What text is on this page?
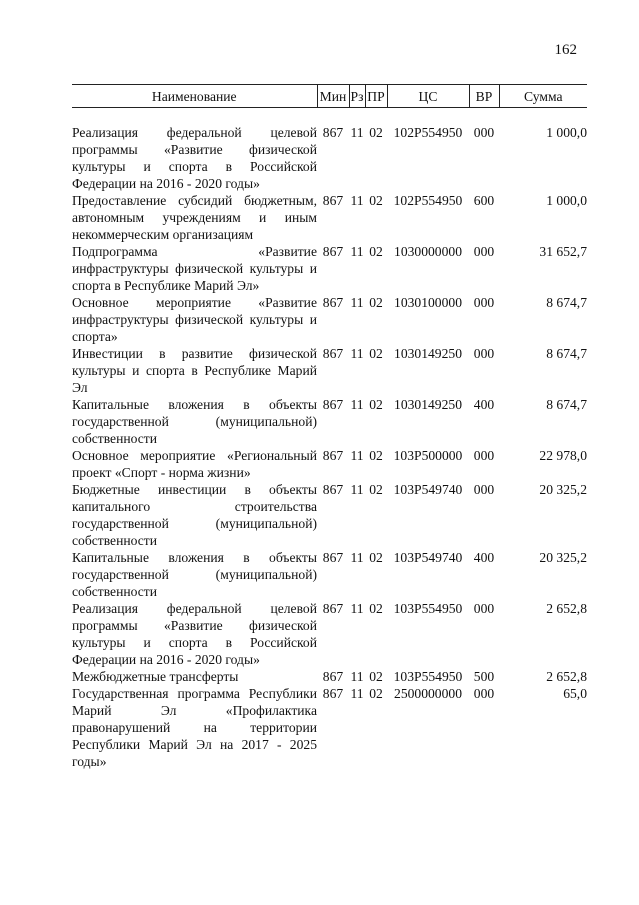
162
Наименование	Мин	Рз	ПР	ЦС	ВР	Сумма

Реализация федеральной целевой программы «Развитие физической культуры и спорта в Российской Федерации на 2016 - 2020 годы»	867	11	02	102P554950	000	1 000,0
Предоставление субсидий бюджетным, автономным учреждениям и иным некоммерческим организациям	867	11	02	102P554950	600	1 000,0
Подпрограмма «Развитие инфраструктуры физической культуры и спорта в Республике Марий Эл»	867	11	02	1030000000	000	31 652,7
Основное мероприятие «Развитие инфраструктуры физической культуры и спорта»	867	11	02	1030100000	000	8 674,7
Инвестиции в развитие физической культуры и спорта в Республике Марий Эл	867	11	02	1030149250	000	8 674,7
Капитальные вложения в объекты государственной (муниципальной) собственности	867	11	02	1030149250	400	8 674,7
Основное мероприятие «Региональный проект «Спорт - норма жизни»	867	11	02	103P500000	000	22 978,0
Бюджетные инвестиции в объекты капитального строительства государственной (муниципальной) собственности	867	11	02	103P549740	000	20 325,2
Капитальные вложения в объекты государственной (муниципальной) собственности	867	11	02	103P549740	400	20 325,2
Реализация федеральной целевой программы «Развитие физической культуры и спорта в Российской Федерации на 2016 - 2020 годы»	867	11	02	103P554950	000	2 652,8
Межбюджетные трансферты	867	11	02	103P554950	500	2 652,8
Государственная программа Республики Марий Эл «Профилактика правонарушений на территории Республики Марий Эл на 2017 - 2025 годы»	867	11	02	2500000000	000	65,0
